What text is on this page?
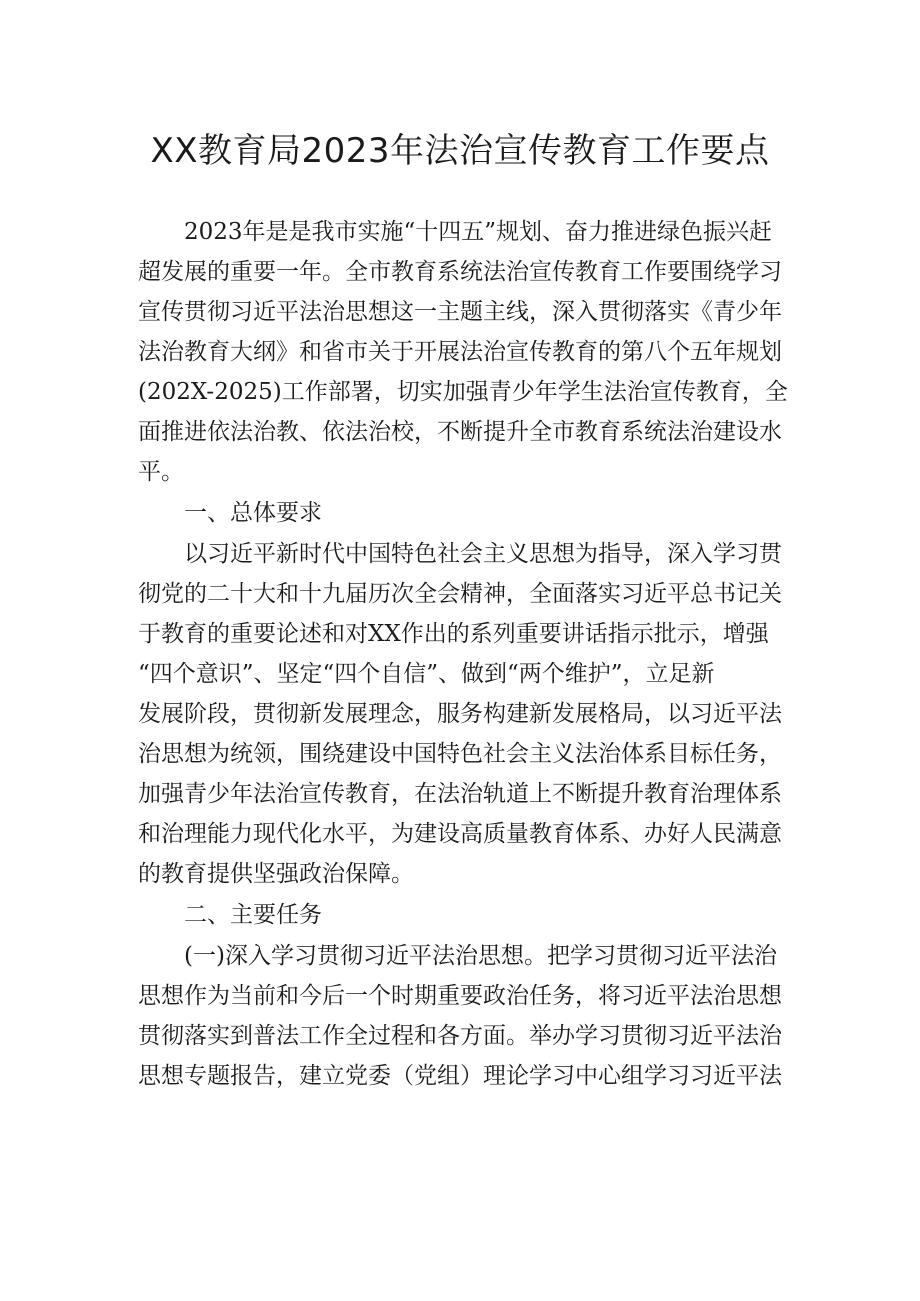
XX教育局2023年法治宣传教育工作要点

2023年是是我市实施“十四五”规划、奋力推进绿色振兴赶
超发展的重要一年。全市教育系统法治宣传教育工作要围绕学习
宣传贯彻习近平法治思想这一主题主线，深入贯彻落实《青少年
法治教育大纲》和省市关于开展法治宣传教育的第八个五年规划
(202X-2025)工作部署，切实加强青少年学生法治宣传教育，全
面推进依法治教、依法治校，不断提升全市教育系统法治建设水
平。

一、总体要求

以习近平新时代中国特色社会主义思想为指导，深入学习贯
彻党的二十大和十九届历次全会精神，全面落实习近平总书记关
于教育的重要论述和对XX作出的系列重要讲话指示批示，增强
“四个意识”、坚定“四个自信”、做到“两个维护”，立足新
发展阶段，贯彻新发展理念，服务构建新发展格局，以习近平法
治思想为统领，围绕建设中国特色社会主义法治体系目标任务，
加强青少年法治宣传教育，在法治轨道上不断提升教育治理体系
和治理能力现代化水平，为建设高质量教育体系、办好人民满意
的教育提供坚强政治保障。

二、主要任务

(一)深入学习贯彻习近平法治思想。把学习贯彻习近平法治
思想作为当前和今后一个时期重要政治任务，将习近平法治思想
贯彻落实到普法工作全过程和各方面。举办学习贯彻习近平法治
思想专题报告，建立党委（党组）理论学习中心组学习习近平法
